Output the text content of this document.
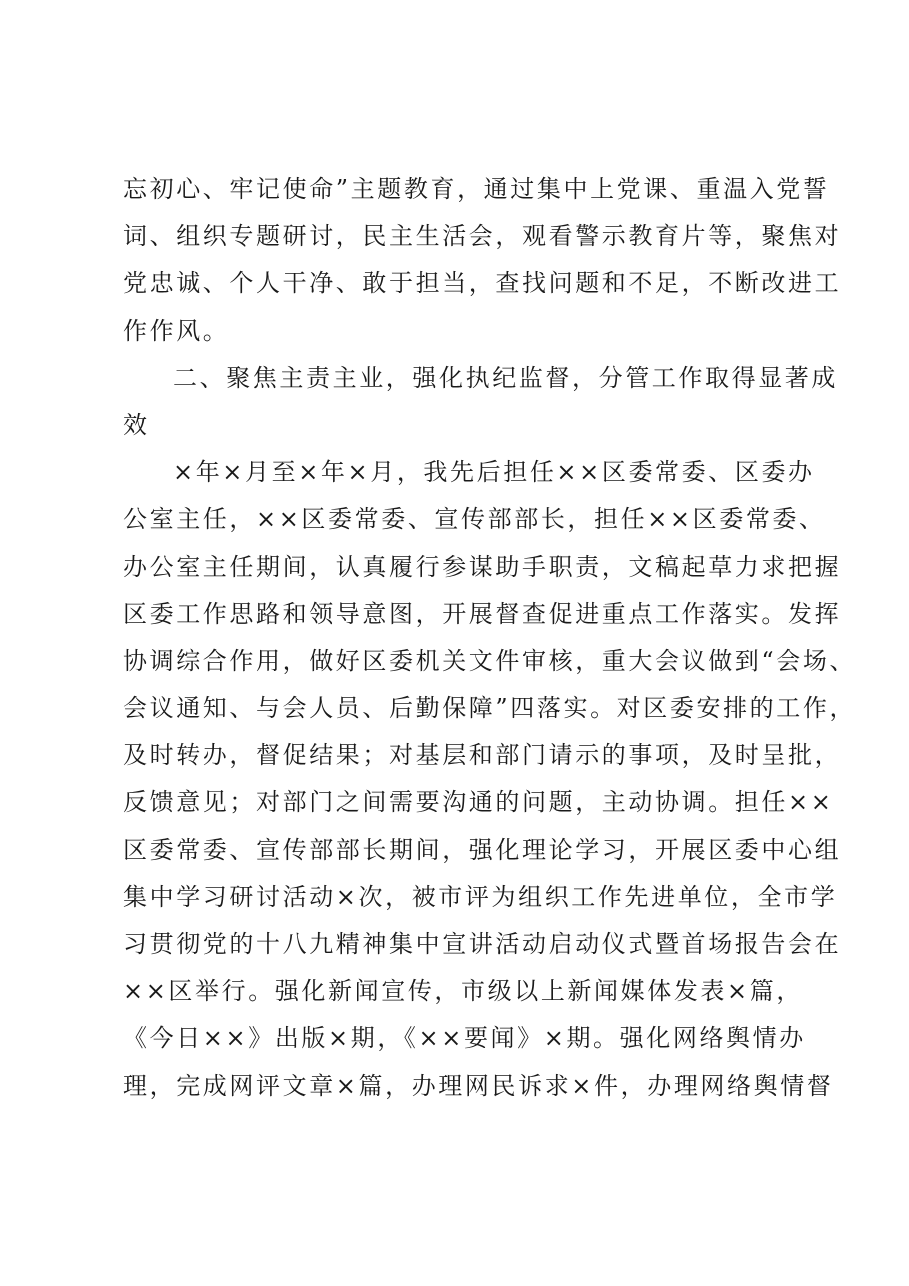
忘初心、牢记使命”主题教育，通过集中上党课、重温入党誓
词、组织专题研讨，民主生活会，观看警示教育片等，聚焦对
党忠诚、个人干净、敢于担当，查找问题和不足，不断改进工
作作风。
二、聚焦主责主业，强化执纪监督，分管工作取得显著成
效
×年×月至×年×月，我先后担任××区委常委、区委办
公室主任，××区委常委、宣传部部长，担任××区委常委、
办公室主任期间，认真履行参谋助手职责，文稿起草力求把握
区委工作思路和领导意图，开展督查促进重点工作落实。发挥
协调综合作用，做好区委机关文件审核，重大会议做到“会场、
会议通知、与会人员、后勤保障”四落实。对区委安排的工作，
及时转办，督促结果；对基层和部门请示的事项，及时呈批，
反馈意见；对部门之间需要沟通的问题，主动协调。担任××
区委常委、宣传部部长期间，强化理论学习，开展区委中心组
集中学习研讨活动×次，被市评为组织工作先进单位，全市学
习贯彻党的十八九精神集中宣讲活动启动仪式暨首场报告会在
××区举行。强化新闻宣传，市级以上新闻媒体发表×篇，
《今日××》出版×期，《××要闻》×期。强化网络舆情办
理，完成网评文章×篇，办理网民诉求×件，办理网络舆情督
